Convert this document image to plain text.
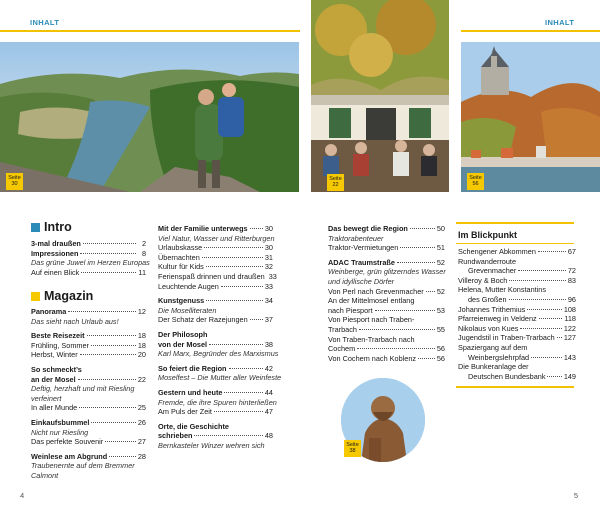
INHALT	INHALT
Seite
30
Seite
22
Seite
56
Intro
3-mal draußen	2
Impressionen	8
Das grüne Juwel im Herzen Europas
Auf einen Blick	11
Magazin
Panorama	12
Das sieht nach Urlaub aus!
Beste Reisezeit	18
Frühling, Sommer	18
Herbst, Winter	20
So schmeckt’s
an der Mosel	22
Deftig, herzhaft und mit Riesling
verfeinert
In aller Munde	25
Einkaufsbummel	26
Nicht nur Riesling
Das perfekte Souvenir	27
Weinlese am Abgrund	28
Traubenernte auf dem Bremmer
Calmont
Mit der Familie unterwegs 30
Viel Natur, Wasser und Ritterburgen
Urlaubskasse	30
Übernachten	31
Kultur für Kids	32
Ferienspaß drinnen und draußen 33
Leuchtende Augen	33
Kunstgenuss	34
Die Moselliteraten
Der Schatz der Razejungen 37
Der Philosoph
von der Mosel	38
Karl Marx, Begründer des Marxismus
So feiert die Region	42
Moselfest – Die Mutter aller Weinfeste
Gestern und heute	44
Fremde, die ihre Spuren hinterließen
Am Puls der Zeit	47
Orte, die Geschichte
schrieben	48
Bernkasteler Winzer wehren sich
Das bewegt die Region	50
Traktorabenteuer
Traktor-Vermietungen	51
ADAC Traumstraße	52
Weinberge, grün glitzerndes Wasser
und idyllische Dörfer
Von Perl nach Grevenmacher 52
An der Mittelmosel entlang
nach Piesport	53
Von Piesport nach Traben-
Trarbach	55
Von Traben-Trarbach nach
Cochem	56
Von Cochem nach Koblenz	56
Seite
38
Im Blickpunkt
Schengener Abkommen	67
Rundwanderroute
Grevenmacher	72
Villeroy & Boch	83
Helena, Mutter Konstantins
des Großen	96
Johannes Trithemius	108
Pfarreienweg in Veldenz	118
Nikolaus von Kues	122
Jugendstil in Traben-Trarbach 127
Spaziergang auf dem
Weinbergslehrpfad	143
Die Bunkeranlage der
Deutschen Bundesbank	149
4	5
